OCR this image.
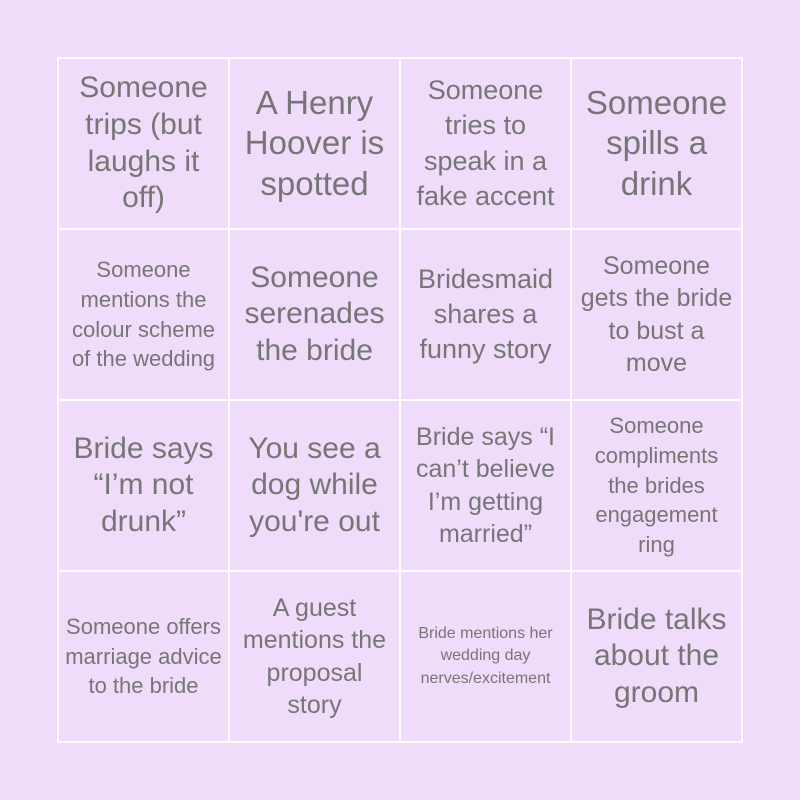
Someone trips (but laughs it off)
A Henry Hoover is spotted
Someone tries to speak in a fake accent
Someone spills a drink
Someone mentions the colour scheme of the wedding
Someone serenades the bride
Bridesmaid shares a funny story
Someone gets the bride to bust a move
Bride says “I’m not drunk”
You see a dog while you're out
Bride says “I can’t believe I’m getting married”
Someone compliments the brides engagement ring
Someone offers marriage advice to the bride
A guest mentions the proposal story
Bride mentions her wedding day nerves/excitement
Bride talks about the groom
